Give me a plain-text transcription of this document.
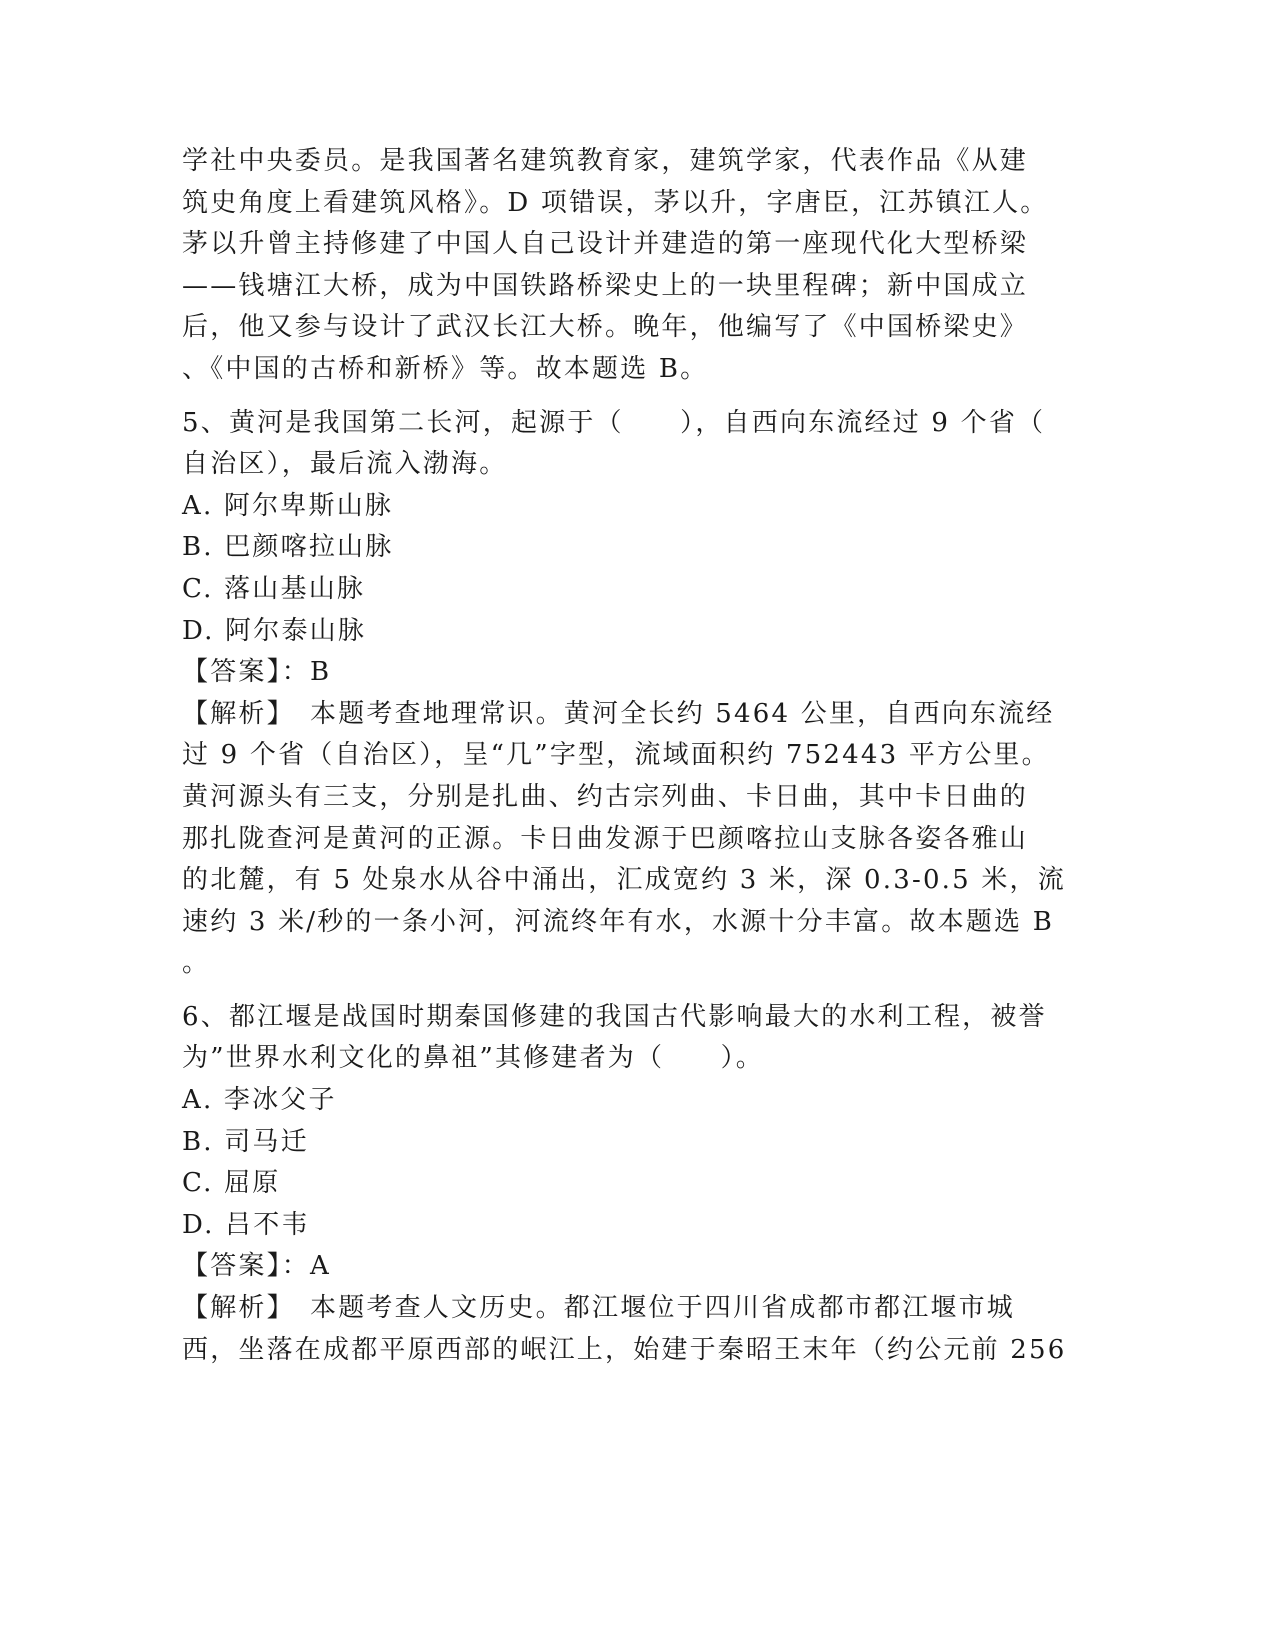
学社中央委员。是我国著名建筑教育家，建筑学家，代表作品《从建
筑史角度上看建筑风格》。D 项错误，茅以升，字唐臣，江苏镇江人。
茅以升曾主持修建了中国人自己设计并建造的第一座现代化大型桥梁
——钱塘江大桥，成为中国铁路桥梁史上的一块里程碑；新中国成立
后，他又参与设计了武汉长江大桥。晚年，他编写了《中国桥梁史》
、《中国的古桥和新桥》等。故本题选 B。
5、黄河是我国第二长河，起源于（　　），自西向东流经过 9 个省（
自治区），最后流入渤海。
A. 阿尔卑斯山脉
B. 巴颜喀拉山脉
C. 落山基山脉
D. 阿尔泰山脉
【答案】：B
【解析】　本题考查地理常识。黄河全长约 5464 公里，自西向东流经
过 9 个省（自治区），呈“几”字型，流域面积约 752443 平方公里。
黄河源头有三支，分别是扎曲、约古宗列曲、卡日曲，其中卡日曲的
那扎陇查河是黄河的正源。卡日曲发源于巴颜喀拉山支脉各姿各雅山
的北麓，有 5 处泉水从谷中涌出，汇成宽约 3 米，深 0.3-0.5 米，流
速约 3 米/秒的一条小河，河流终年有水，水源十分丰富。故本题选 B
。
6、都江堰是战国时期秦国修建的我国古代影响最大的水利工程，被誉
为”世界水利文化的鼻祖”其修建者为（　　）。
A. 李冰父子
B. 司马迁
C. 屈原
D. 吕不韦
【答案】：A
【解析】　本题考查人文历史。都江堰位于四川省成都市都江堰市城
西，坐落在成都平原西部的岷江上，始建于秦昭王末年（约公元前 256
